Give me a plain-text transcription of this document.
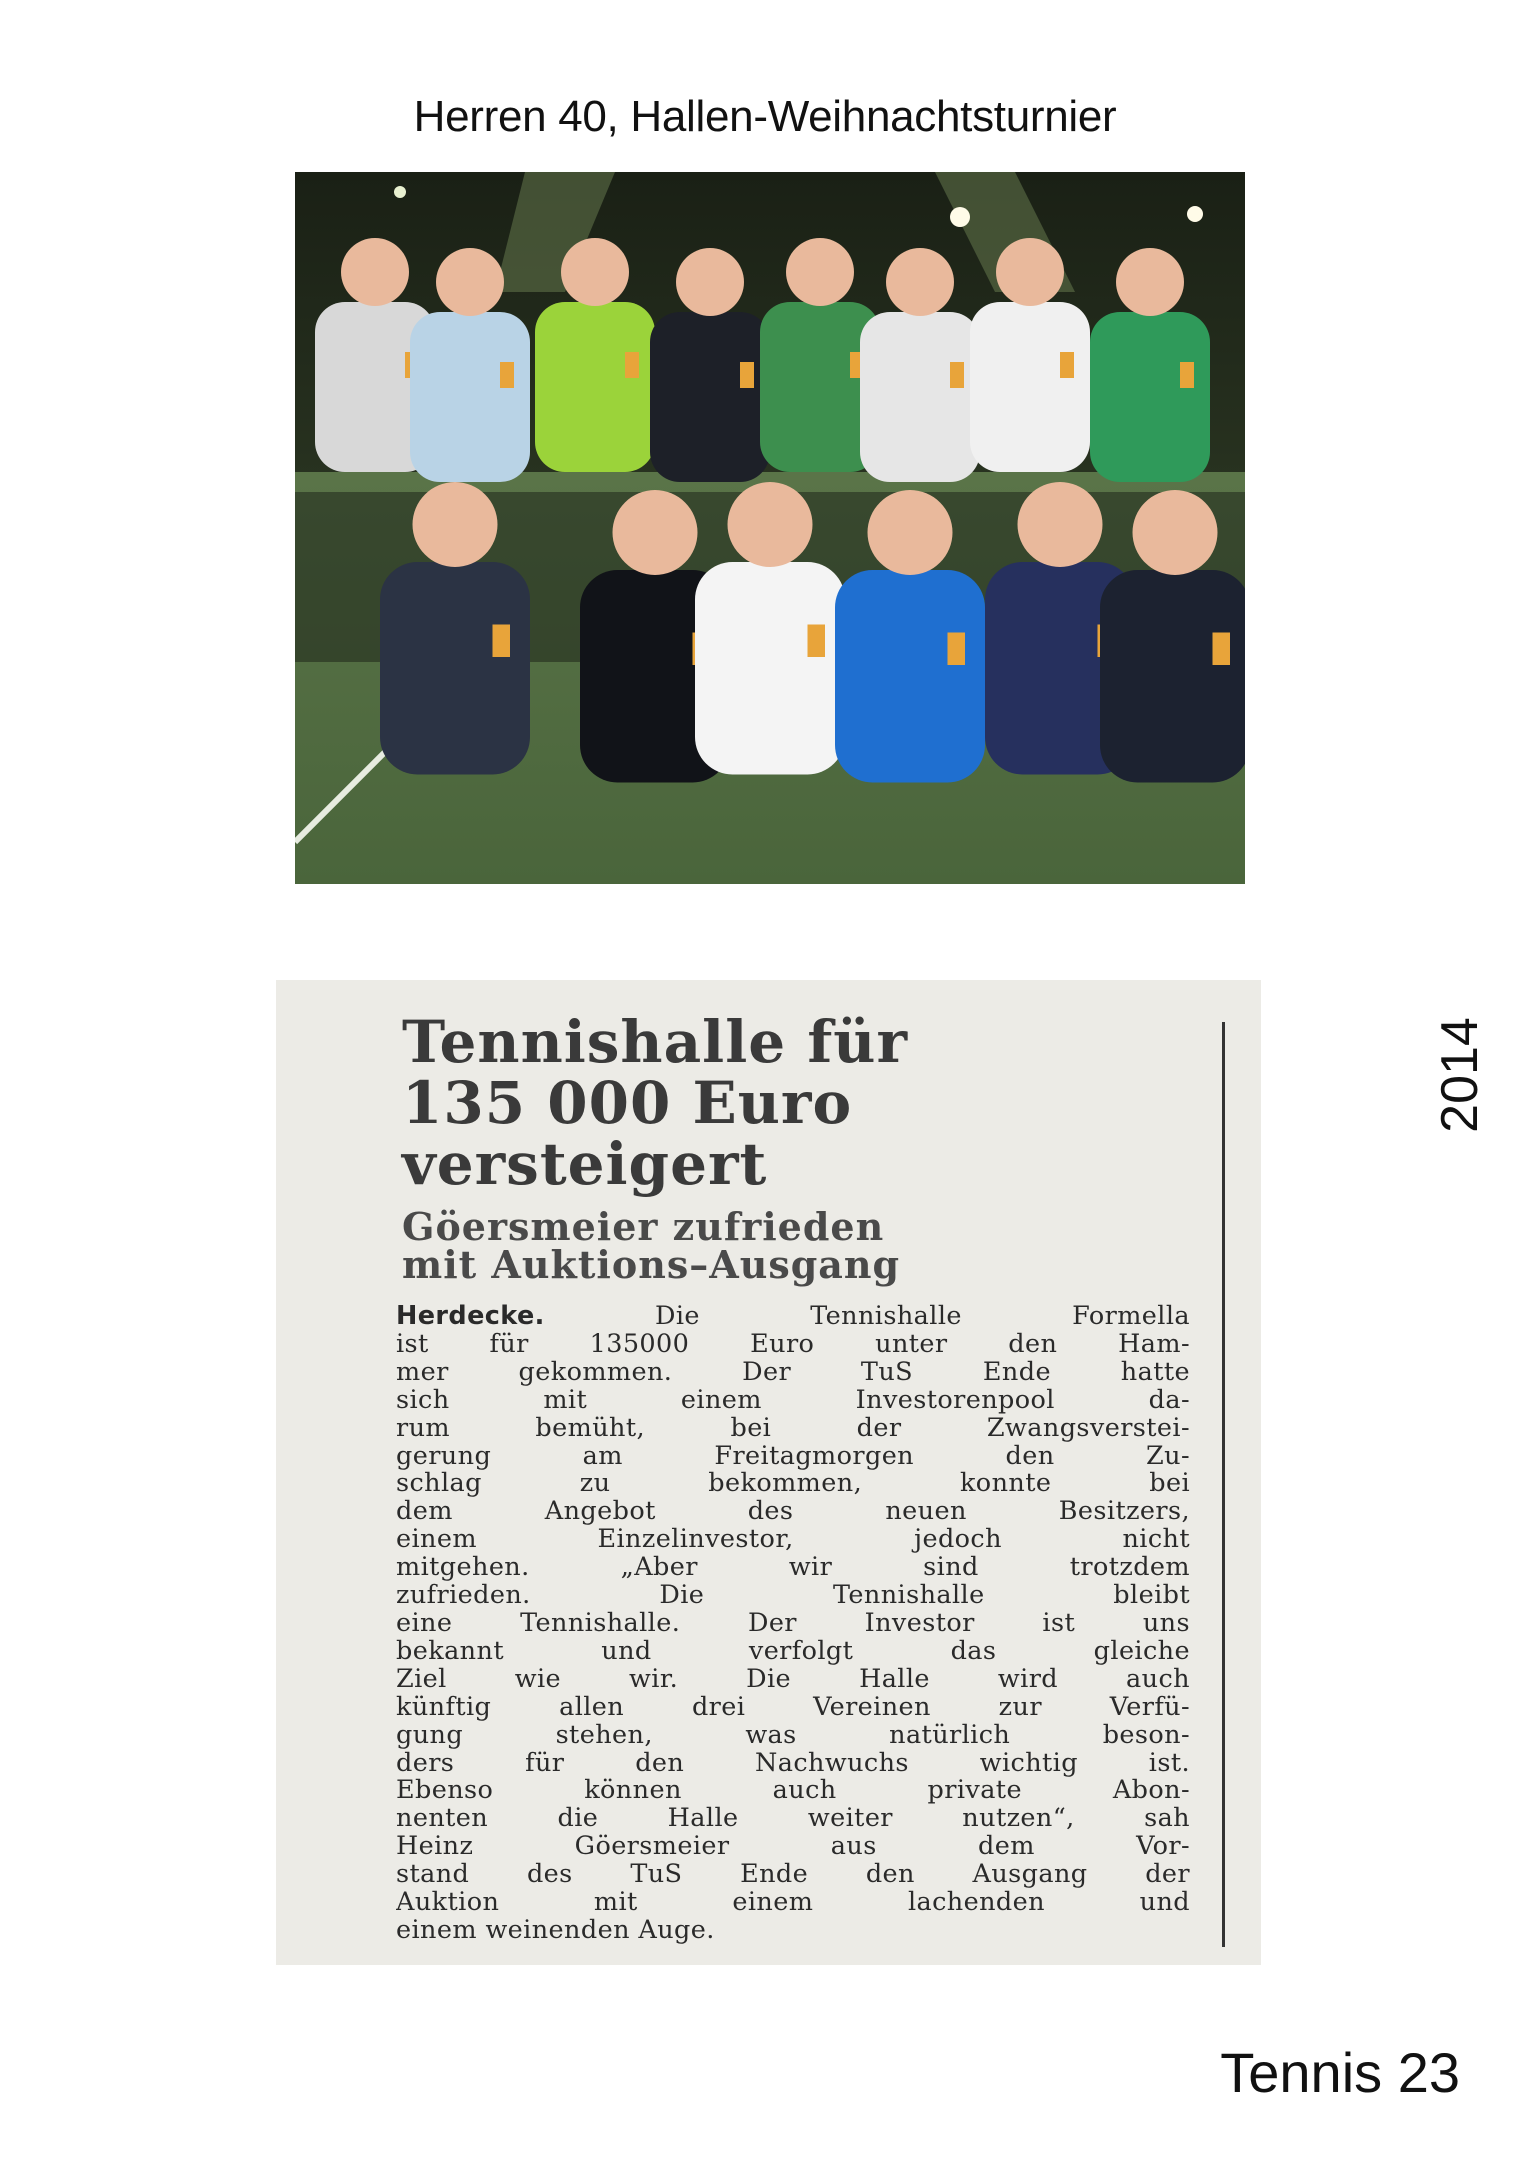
Herren 40, Hallen-Weihnachtsturnier
Tennishalle für
135 000 Euro
versteigert
Göersmeier zufrieden
mit Auktions–Ausgang
Herdecke. Die Tennishalle Formella
ist für 135000 Euro unter den Ham-
mer gekommen. Der TuS Ende hatte
sich mit einem Investorenpool da-
rum bemüht, bei der Zwangsverstei-
gerung am Freitagmorgen den Zu-
schlag zu bekommen, konnte bei
dem Angebot des neuen Besitzers,
einem Einzelinvestor, jedoch nicht
mitgehen. „Aber wir sind trotzdem
zufrieden. Die Tennishalle bleibt
eine Tennishalle. Der Investor ist uns
bekannt und verfolgt das gleiche
Ziel wie wir. Die Halle wird auch
künftig allen drei Vereinen zur Verfü-
gung stehen, was natürlich beson-
ders für den Nachwuchs wichtig ist.
Ebenso können auch private Abon-
nenten die Halle weiter nutzen“, sah
Heinz Göersmeier aus dem Vor-
stand des TuS Ende den Ausgang der
Auktion mit einem lachenden und
einem weinenden Auge.
2014
Tennis 23
